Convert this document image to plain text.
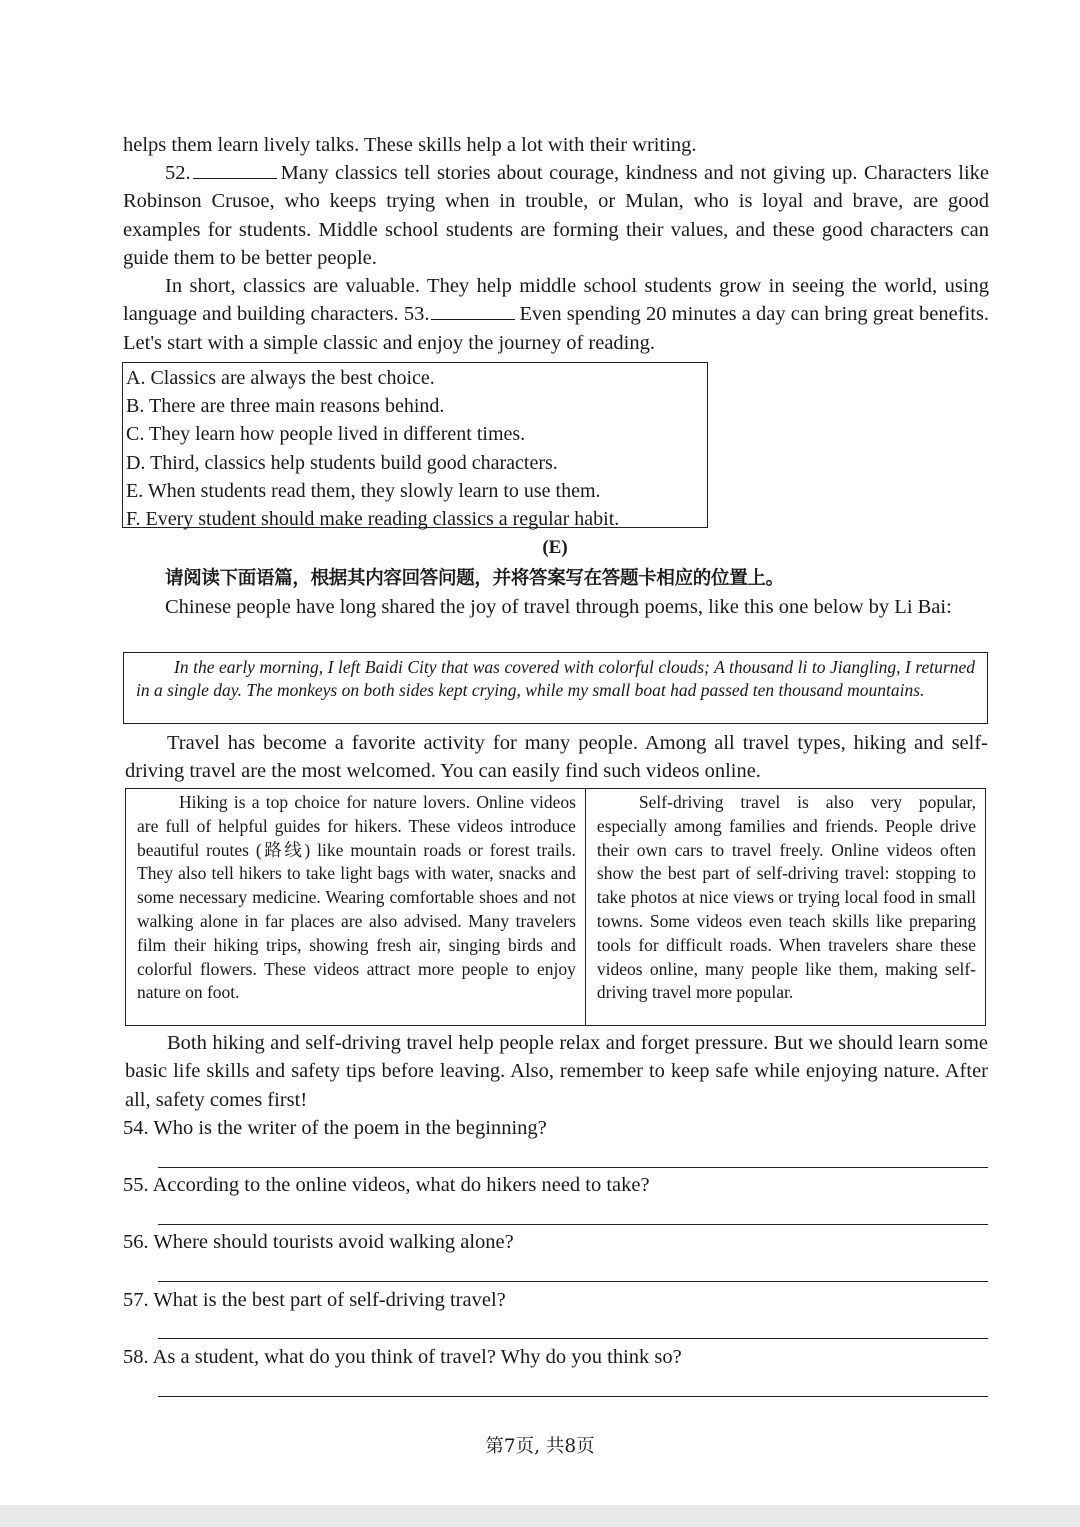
helps them learn lively talks. These skills help a lot with their writing.

52.	Many classics tell stories about courage, kindness and not giving up. Characters like Robinson Crusoe, who keeps trying when in trouble, or Mulan, who is loyal and brave, are good examples for students. Middle school students are forming their values, and these good characters can guide them to be better people.

In short, classics are valuable. They help middle school students grow in seeing the world, using language and building characters. 53.	Even spending 20 minutes a day can bring great benefits. Let's start with a simple classic and enjoy the journey of reading.

A. Classics are always the best choice.
B. There are three main reasons behind.
C. They learn how people lived in different times.
D. Third, classics help students build good characters.
E. When students read them, they slowly learn to use them.
F. Every student should make reading classics a regular habit.
(E)
请阅读下面语篇，根据其内容回答问题，并将答案写在答题卡相应的位置上。

Chinese people have long shared the joy of travel through poems, like this one below by Li Bai:

In the early morning, I left Baidi City that was covered with colorful clouds; A thousand li to Jiangling, I returned in a single day. The monkeys on both sides kept crying, while my small boat had passed ten thousand mountains.

Travel has become a favorite activity for many people. Among all travel types, hiking and self-driving travel are the most welcomed. You can easily find such videos online.

Hiking is a top choice for nature lovers. Online videos are full of helpful guides for hikers. These videos introduce beautiful routes (路线) like mountain roads or forest trails. They also tell hikers to take light bags with water, snacks and some necessary medicine. Wearing comfortable shoes and not walking alone in far places are also advised. Many travelers film their hiking trips, showing fresh air, singing birds and colorful flowers. These videos attract more people to enjoy nature on foot.
Self-driving travel is also very popular, especially among families and friends. People drive their own cars to travel freely. Online videos often show the best part of self-driving travel: stopping to take photos at nice views or trying local food in small towns. Some videos even teach skills like preparing tools for difficult roads. When travelers share these videos online, many people like them, making self-driving travel more popular.

Both hiking and self-driving travel help people relax and forget pressure. But we should learn some basic life skills and safety tips before leaving. Also, remember to keep safe while enjoying nature. After all, safety comes first!

54. Who is the writer of the poem in the beginning?
55. According to the online videos, what do hikers need to take?
56. Where should tourists avoid walking alone?
57. What is the best part of self-driving travel?
58. As a student, what do you think of travel? Why do you think so?
第7页, 共8页
